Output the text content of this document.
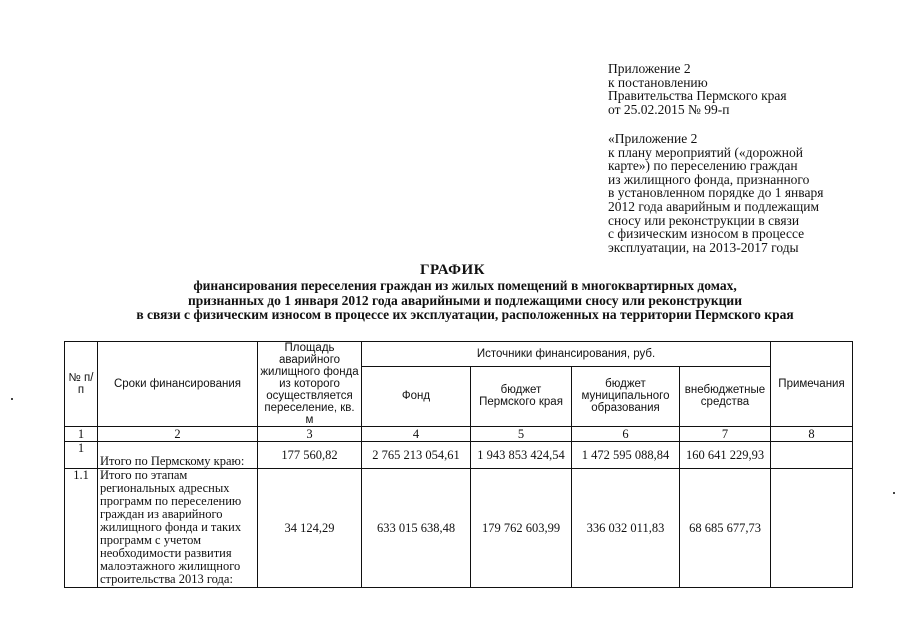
Приложение 2
к постановлению
Правительства Пермского края
от 25.02.2015 № 99-п
«Приложение 2
к плану мероприятий («дорожной
карте») по переселению граждан
из жилищного фонда, признанного
в установленном порядке до 1 января
2012 года аварийным и подлежащим
сносу или реконструкции в связи
с физическим износом в процессе
эксплуатации, на 2013-2017 годы
ГРАФИК
финансирования переселения граждан из жилых помещений в многоквартирных домах,
признанных до 1 января 2012 года аварийными и подлежащими сносу или реконструкции
в связи с физическим износом в процессе их эксплуатации, расположенных на территории Пермского края
№ п/п	Сроки финансирования	Площадь аварийного жилищного фонда из которого осуществляется переселение, кв. м	Источники финансирования, руб.				Примечания
			Фонд	бюджет Пермского края	бюджет муниципального образования	внебюджетные средства	
1	2	3	4	5	6	7	8
1	Итого по Пермскому краю:	177 560,82	2 765 213 054,61	1 943 853 424,54	1 472 595 088,84	160 641 229,93	
1.1	Итого по этапам региональных адресных программ по переселению граждан из аварийного жилищного фонда и таких программ с учетом необходимости развития малоэтажного жилищного строительства 2013 года:	34 124,29	633 015 638,48	179 762 603,99	336 032 011,83	68 685 677,73	
